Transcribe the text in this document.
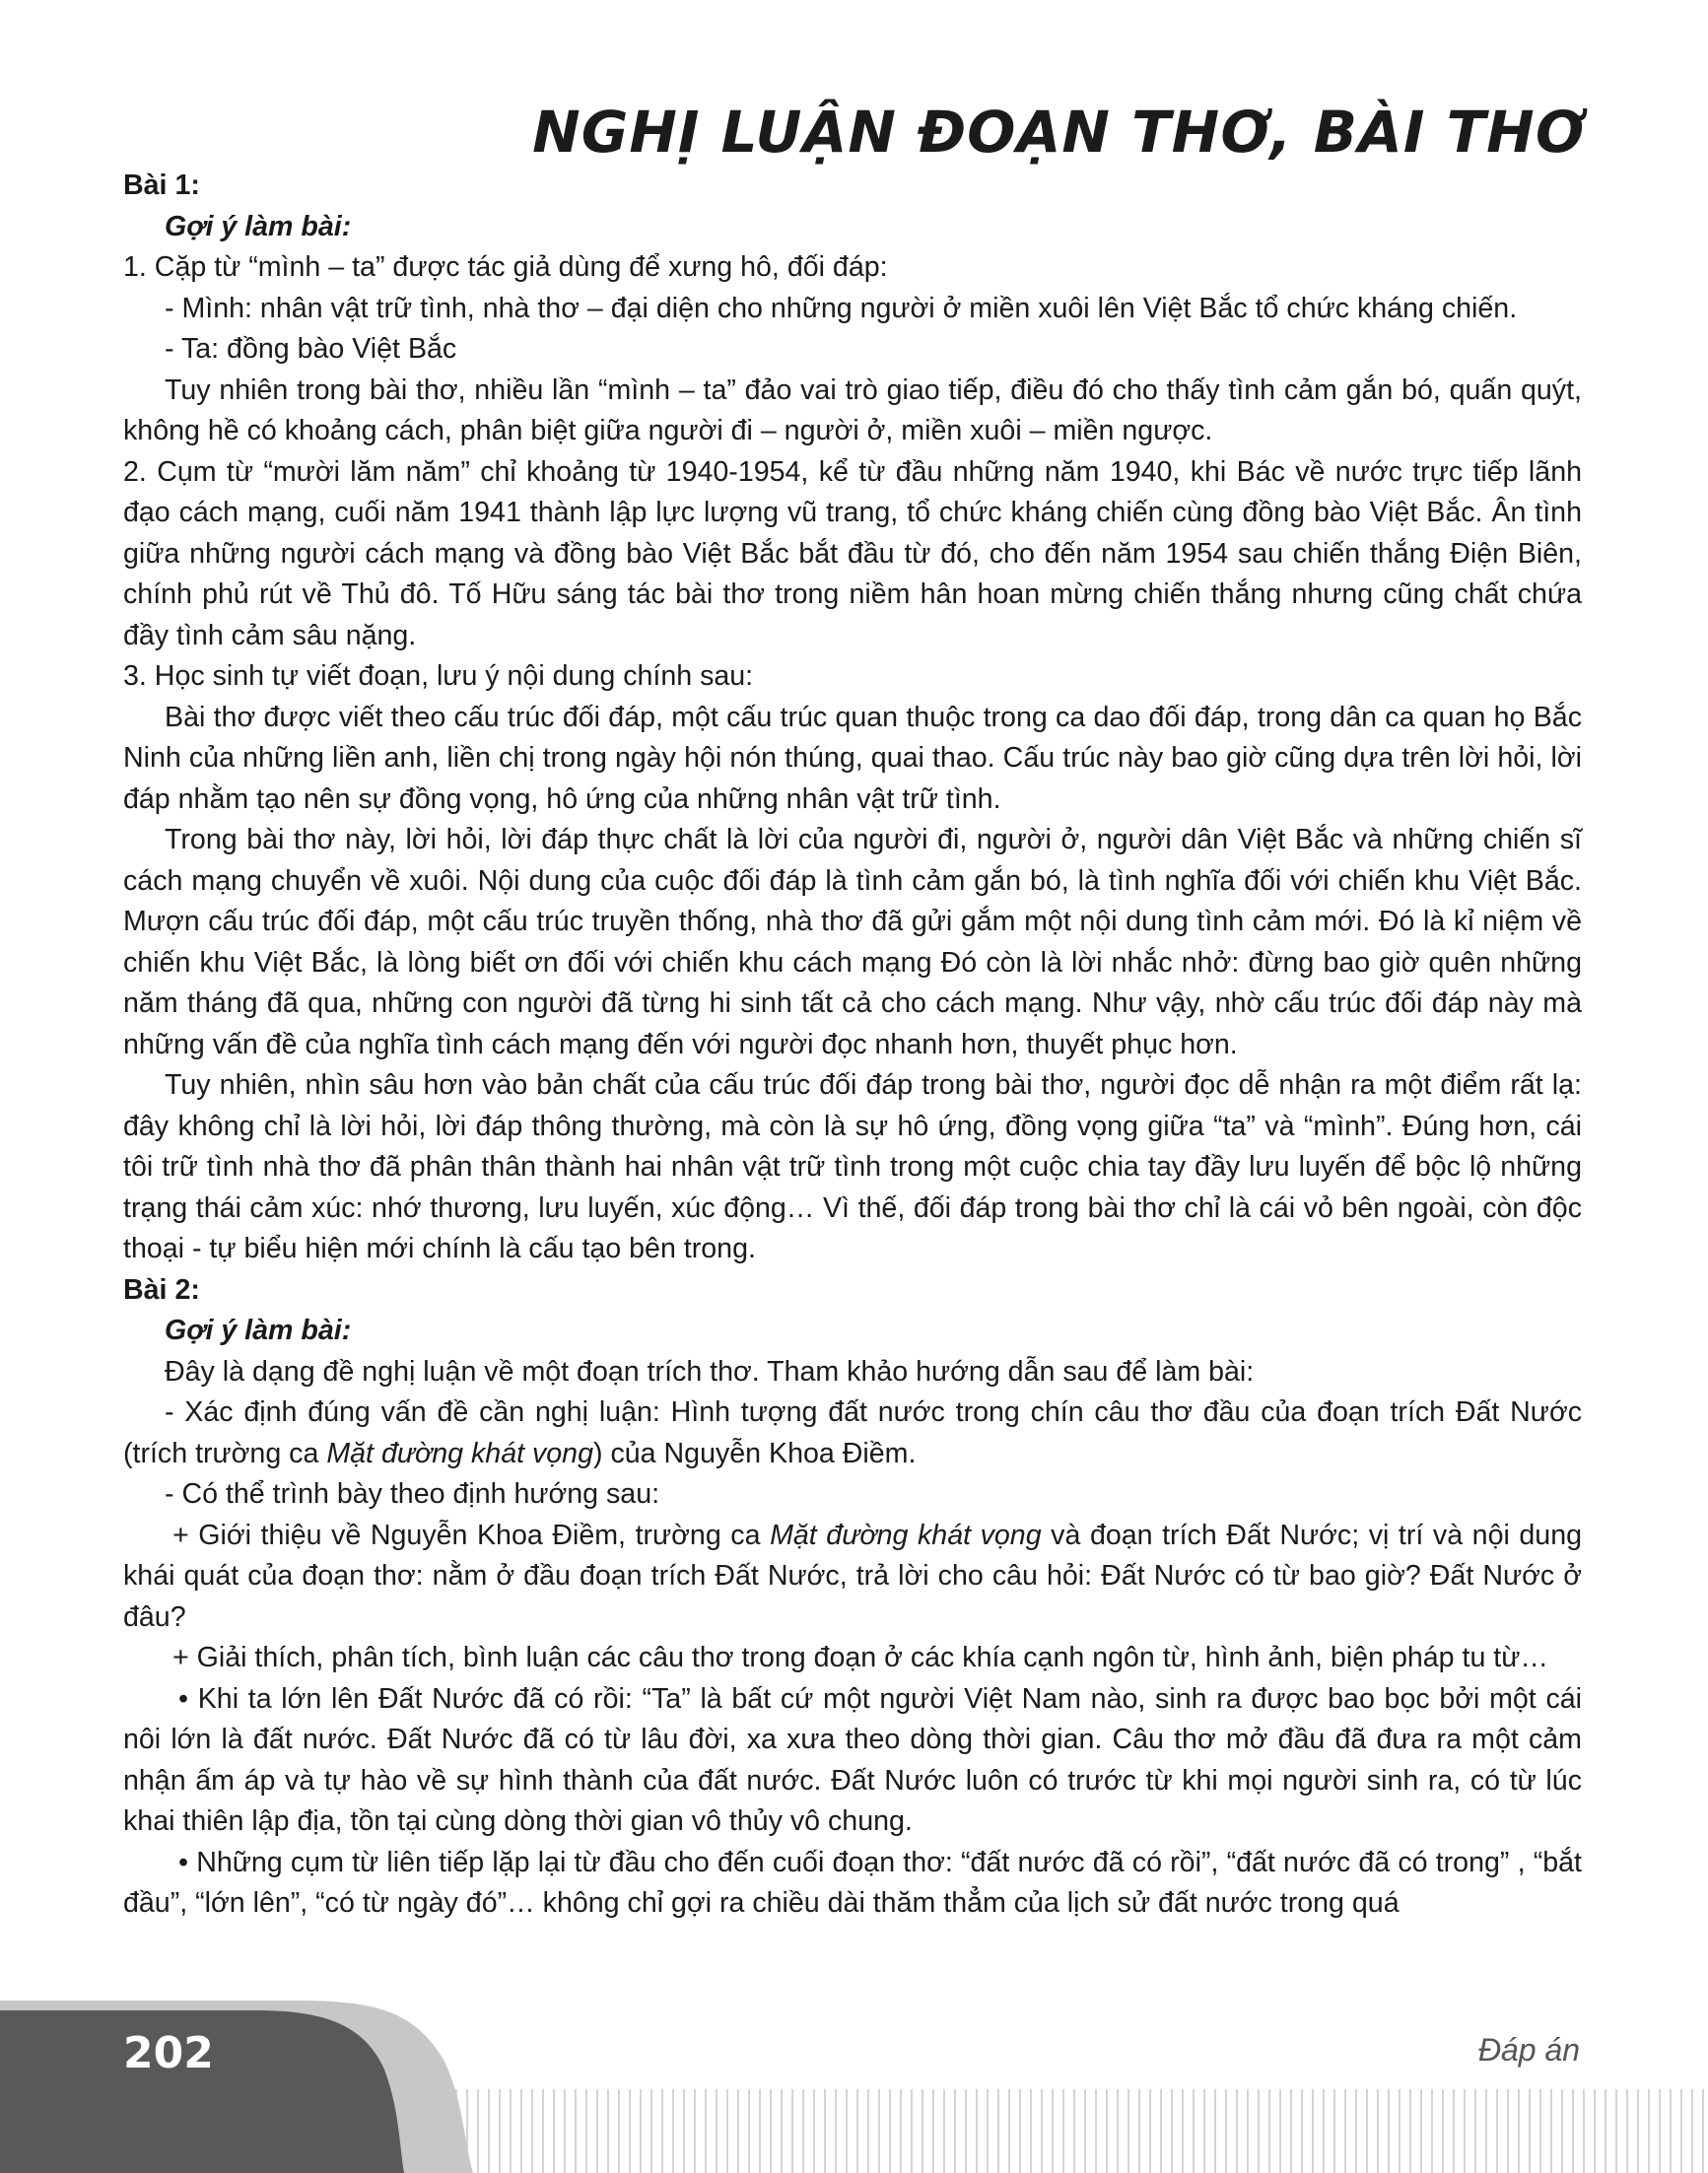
NGHỊ LUẬN ĐOẠN THƠ, BÀI THƠ

Bài 1:

Gợi ý làm bài:

1. Cặp từ “mình – ta” được tác giả dùng để xưng hô, đối đáp:

- Mình: nhân vật trữ tình, nhà thơ – đại diện cho những người ở miền xuôi lên Việt Bắc tổ chức kháng chiến.

- Ta: đồng bào Việt Bắc

Tuy nhiên trong bài thơ, nhiều lần “mình – ta” đảo vai trò giao tiếp, điều đó cho thấy tình cảm gắn bó, quấn quýt, không hề có khoảng cách, phân biệt giữa người đi – người ở, miền xuôi – miền ngược.

2. Cụm từ “mười lăm năm” chỉ khoảng từ 1940-1954, kể từ đầu những năm 1940, khi Bác về nước trực tiếp lãnh đạo cách mạng, cuối năm 1941 thành lập lực lượng vũ trang, tổ chức kháng chiến cùng đồng bào Việt Bắc. Ân tình giữa những người cách mạng và đồng bào Việt Bắc bắt đầu từ đó, cho đến năm 1954 sau chiến thắng Điện Biên, chính phủ rút về Thủ đô. Tố Hữu sáng tác bài thơ trong niềm hân hoan mừng chiến thắng nhưng cũng chất chứa đầy tình cảm sâu nặng.

3. Học sinh tự viết đoạn, lưu ý nội dung chính sau:

Bài thơ được viết theo cấu trúc đối đáp, một cấu trúc quan thuộc trong ca dao đối đáp, trong dân ca quan họ Bắc Ninh của những liền anh, liền chị trong ngày hội nón thúng, quai thao. Cấu trúc này bao giờ cũng dựa trên lời hỏi, lời đáp nhằm tạo nên sự đồng vọng, hô ứng của những nhân vật trữ tình.

Trong bài thơ này, lời hỏi, lời đáp thực chất là lời của người đi, người ở, người dân Việt Bắc và những chiến sĩ cách mạng chuyển về xuôi. Nội dung của cuộc đối đáp là tình cảm gắn bó, là tình nghĩa đối với chiến khu Việt Bắc. Mượn cấu trúc đối đáp, một cấu trúc truyền thống, nhà thơ đã gửi gắm một nội dung tình cảm mới. Đó là kỉ niệm về chiến khu Việt Bắc, là lòng biết ơn đối với chiến khu cách mạng Đó còn là lời nhắc nhở: đừng bao giờ quên những năm tháng đã qua, những con người đã từng hi sinh tất cả cho cách mạng. Như vậy, nhờ cấu trúc đối đáp này mà những vấn đề của nghĩa tình cách mạng đến với người đọc nhanh hơn, thuyết phục hơn.

Tuy nhiên, nhìn sâu hơn vào bản chất của cấu trúc đối đáp trong bài thơ, người đọc dễ nhận ra một điểm rất lạ: đây không chỉ là lời hỏi, lời đáp thông thường, mà còn là sự hô ứng, đồng vọng giữa “ta” và “mình”. Đúng hơn, cái tôi trữ tình nhà thơ đã phân thân thành hai nhân vật trữ tình trong một cuộc chia tay đầy lưu luyến để bộc lộ những trạng thái cảm xúc: nhớ thương, lưu luyến, xúc động… Vì thế, đối đáp trong bài thơ chỉ là cái vỏ bên ngoài, còn độc thoại - tự biểu hiện mới chính là cấu tạo bên trong.

Bài 2:

Gợi ý làm bài:

Đây là dạng đề nghị luận về một đoạn trích thơ. Tham khảo hướng dẫn sau để làm bài:

- Xác định đúng vấn đề cần nghị luận: Hình tượng đất nước trong chín câu thơ đầu của đoạn trích Đất Nước (trích trường ca Mặt đường khát vọng) của Nguyễn Khoa Điềm.

- Có thể trình bày theo định hướng sau:

+ Giới thiệu về Nguyễn Khoa Điềm, trường ca Mặt đường khát vọng và đoạn trích Đất Nước; vị trí và nội dung khái quát của đoạn thơ: nằm ở đầu đoạn trích Đất Nước, trả lời cho câu hỏi: Đất Nước có từ bao giờ? Đất Nước ở đâu?

+ Giải thích, phân tích, bình luận các câu thơ trong đoạn ở các khía cạnh ngôn từ, hình ảnh, biện pháp tu từ…

• Khi ta lớn lên Đất Nước đã có rồi: “Ta” là bất cứ một người Việt Nam nào, sinh ra được bao bọc bởi một cái nôi lớn là đất nước. Đất Nước đã có từ lâu đời, xa xưa theo dòng thời gian. Câu thơ mở đầu đã đưa ra một cảm nhận ấm áp và tự hào về sự hình thành của đất nước. Đất Nước luôn có trước từ khi mọi người sinh ra, có từ lúc khai thiên lập địa, tồn tại cùng dòng thời gian vô thủy vô chung.

• Những cụm từ liên tiếp lặp lại từ đầu cho đến cuối đoạn thơ: “đất nước đã có rồi”, “đất nước đã có trong” , “bắt đầu”, “lớn lên”, “có từ ngày đó”… không chỉ gợi ra chiều dài thăm thẳm của lịch sử đất nước trong quá

202	Đáp án
